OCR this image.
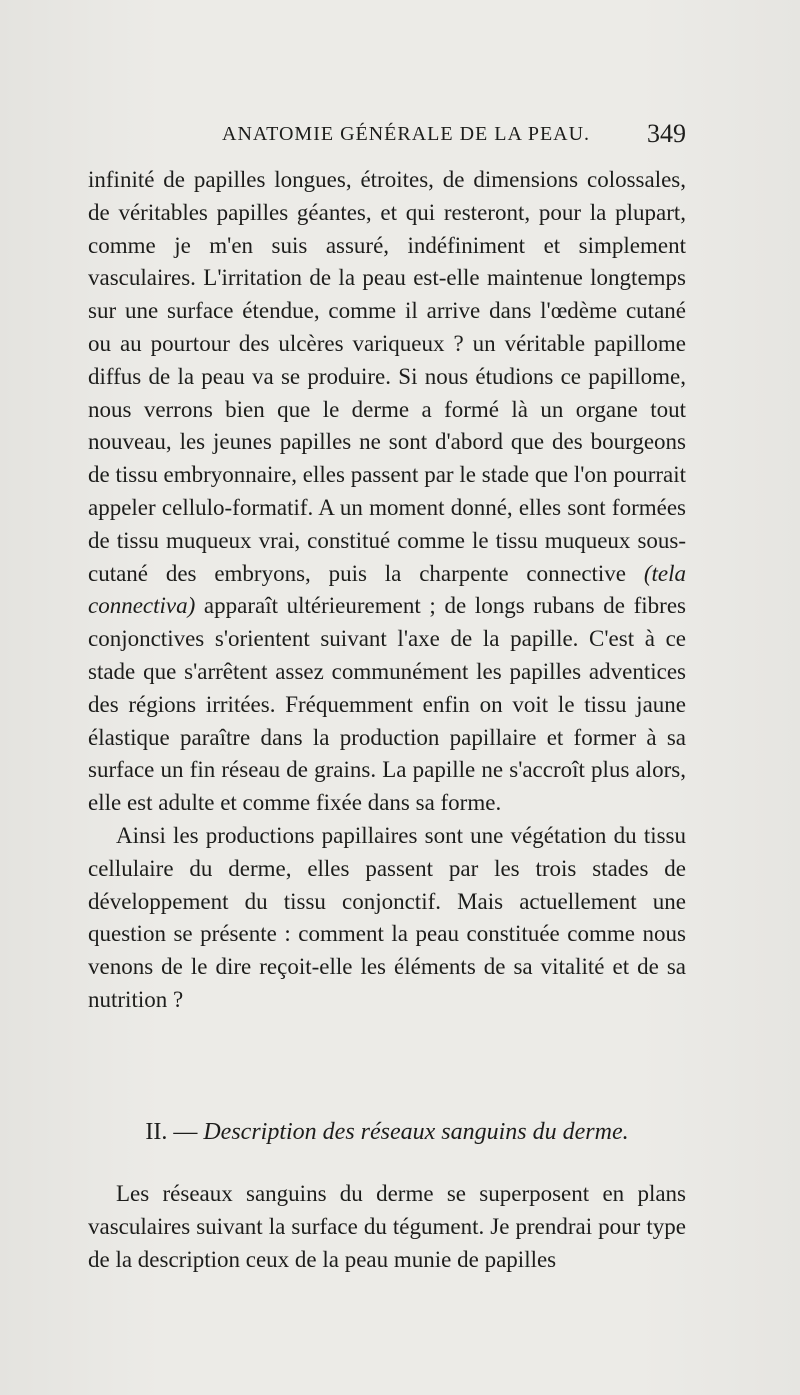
ANATOMIE GÉNÉRALE DE LA PEAU. 349

infinité de papilles longues, étroites, de dimensions colossales, de véritables papilles géantes, et qui resteront, pour la plupart, comme je m'en suis assuré, indéfiniment et simplement vasculaires. L'irritation de la peau est-elle maintenue longtemps sur une surface étendue, comme il arrive dans l'œdème cutané ou au pourtour des ulcères variqueux ? un véritable papillome diffus de la peau va se produire. Si nous étudions ce papillome, nous verrons bien que le derme a formé là un organe tout nouveau, les jeunes papilles ne sont d'abord que des bourgeons de tissu embryonnaire, elles passent par le stade que l'on pourrait appeler cellulo-formatif. A un moment donné, elles sont formées de tissu muqueux vrai, constitué comme le tissu muqueux sous-cutané des embryons, puis la charpente connective (tela connectiva) apparaît ultérieurement ; de longs rubans de fibres conjonctives s'orientent suivant l'axe de la papille. C'est à ce stade que s'arrêtent assez communément les papilles adventices des régions irritées. Fréquemment enfin on voit le tissu jaune élastique paraître dans la production papillaire et former à sa surface un fin réseau de grains. La papille ne s'accroît plus alors, elle est adulte et comme fixée dans sa forme.

Ainsi les productions papillaires sont une végétation du tissu cellulaire du derme, elles passent par les trois stades de développement du tissu conjonctif. Mais actuellement une question se présente : comment la peau constituée comme nous venons de le dire reçoit-elle les éléments de sa vitalité et de sa nutrition ?

II. — Description des réseaux sanguins du derme.

Les réseaux sanguins du derme se superposent en plans vasculaires suivant la surface du tégument. Je prendrai pour type de la description ceux de la peau munie de papilles
